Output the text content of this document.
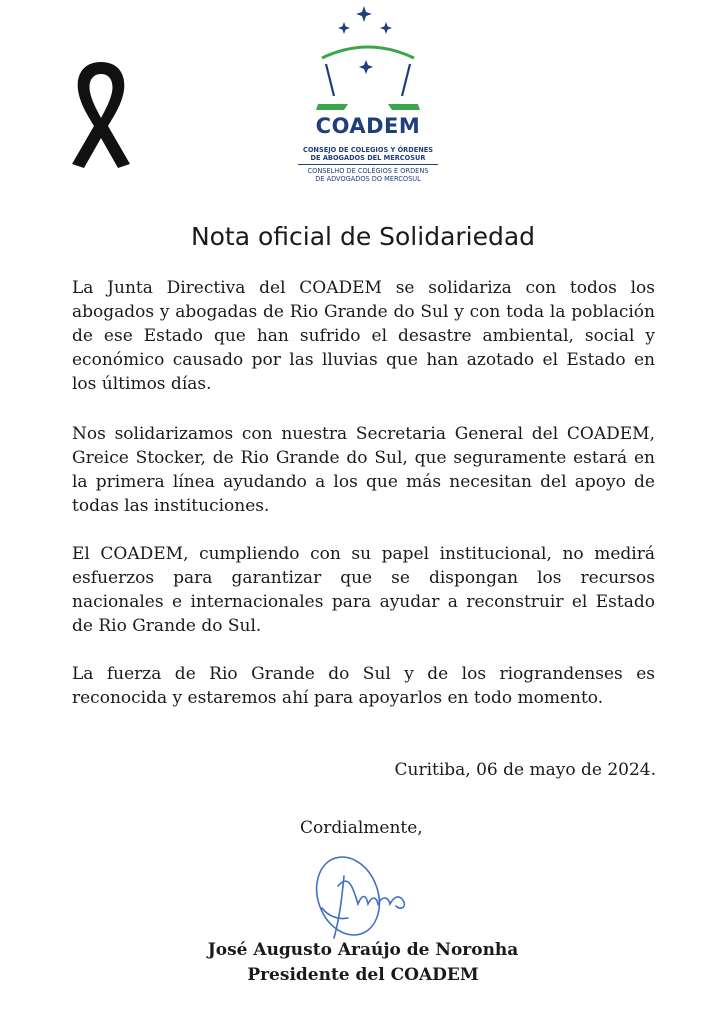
COADEM
CONSEJO DE COLEGIOS Y ÓRDENES
DE ABOGADOS DEL MERCOSUR
CONSELHO DE COLÉGIOS E ORDENS
DE ADVOGADOS DO MERCOSUL
Nota oficial de Solidariedad

La Junta Directiva del COADEM se solidariza con todos los abogados y abogadas de Rio Grande do Sul y con toda la población de ese Estado que han sufrido el desastre ambiental, social y económico causado por las lluvias que han azotado el Estado en los últimos días.

Nos solidarizamos con nuestra Secretaria General del COADEM, Greice Stocker, de Rio Grande do Sul, que seguramente estará en la primera línea ayudando a los que más necesitan del apoyo de todas las instituciones.

El COADEM, cumpliendo con su papel institucional, no medirá esfuerzos para garantizar que se dispongan los recursos nacionales e internacionales para ayudar a reconstruir el Estado de Rio Grande do Sul.

La fuerza de Rio Grande do Sul y de los riograndenses es reconocida y estaremos ahí para apoyarlos en todo momento.

Curitiba, 06 de mayo de 2024.
Cordialmente,
José Augusto Araújo de Noronha
Presidente del COADEM
